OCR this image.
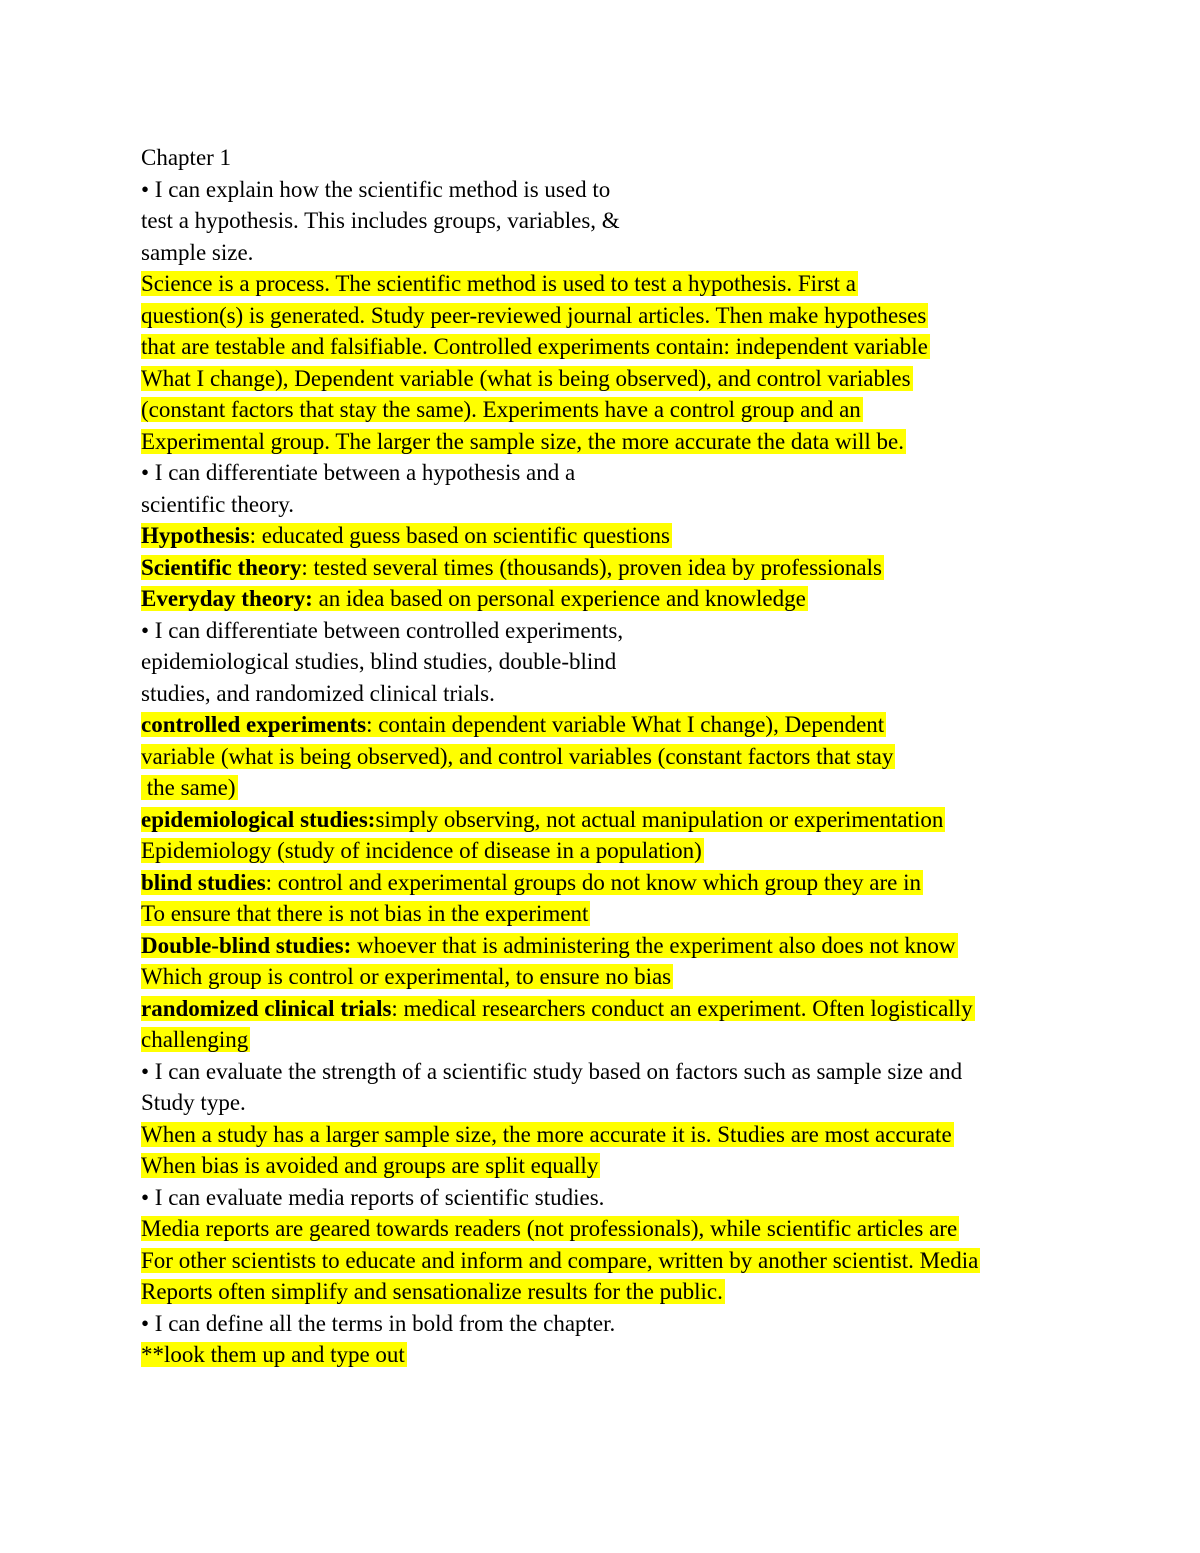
Chapter 1
• I can explain how the scientific method is used to
test a hypothesis. This includes groups, variables, &
sample size.
Science is a process. The scientific method is used to test a hypothesis. First a
question(s) is generated. Study peer-reviewed journal articles. Then make hypotheses
that are testable and falsifiable. Controlled experiments contain: independent variable
What I change), Dependent variable (what is being observed), and control variables
(constant factors that stay the same). Experiments have a control group and an
Experimental group. The larger the sample size, the more accurate the data will be.
• I can differentiate between a hypothesis and a
scientific theory.
Hypothesis: educated guess based on scientific questions
Scientific theory: tested several times (thousands), proven idea by professionals
Everyday theory: an idea based on personal experience and knowledge
• I can differentiate between controlled experiments,
epidemiological studies, blind studies, double-blind
studies, and randomized clinical trials.
controlled experiments: contain dependent variable What I change), Dependent
variable (what is being observed), and control variables (constant factors that stay
the same)
epidemiological studies:simply observing, not actual manipulation or experimentation
Epidemiology (study of incidence of disease in a population)
blind studies: control and experimental groups do not know which group they are in
To ensure that there is not bias in the experiment
Double-blind studies: whoever that is administering the experiment also does not know
Which group is control or experimental, to ensure no bias
randomized clinical trials: medical researchers conduct an experiment. Often logistically
challenging
• I can evaluate the strength of a scientific study based on factors such as sample size and
Study type.
When a study has a larger sample size, the more accurate it is. Studies are most accurate
When bias is avoided and groups are split equally
• I can evaluate media reports of scientific studies.
Media reports are geared towards readers (not professionals), while scientific articles are
For other scientists to educate and inform and compare, written by another scientist. Media
Reports often simplify and sensationalize results for the public.
• I can define all the terms in bold from the chapter.
**look them up and type out
